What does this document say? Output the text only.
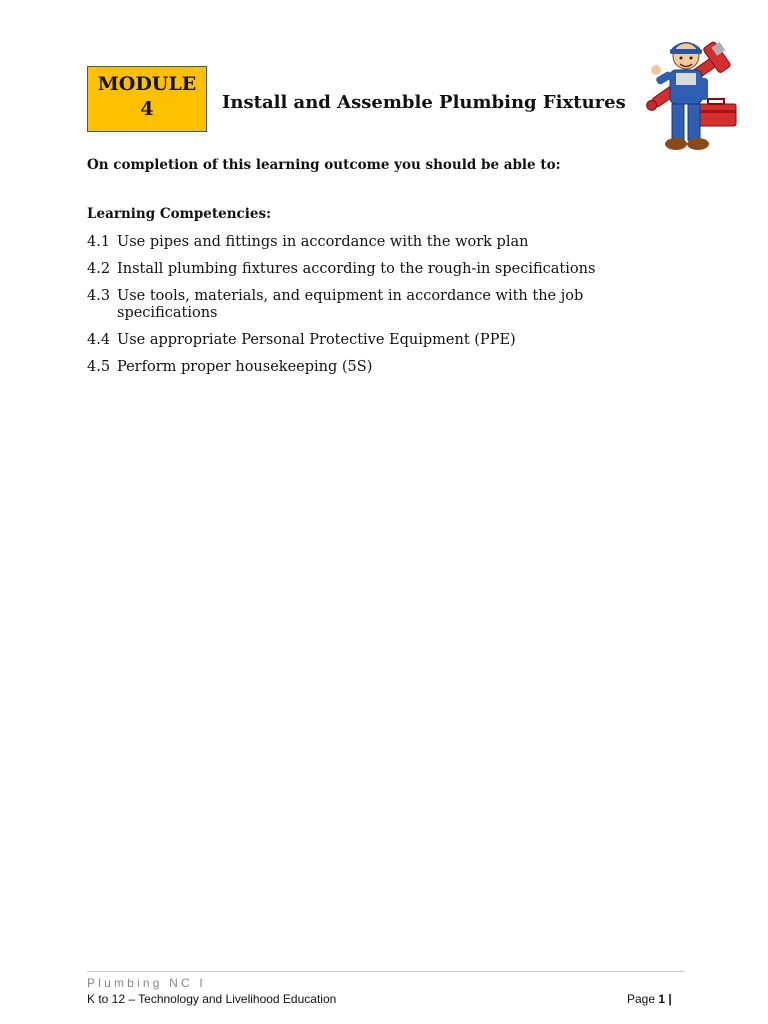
MODULE
4	Install and Assemble Plumbing Fixtures
On completion of this learning outcome you should be able to:
Learning Competencies:
4.1 Use pipes and fittings in accordance with the work plan
4.2 Install plumbing fixtures according to the rough-in specifications
4.3 Use tools, materials, and equipment in accordance with the job specifications
4.4 Use appropriate Personal Protective Equipment (PPE)
4.5 Perform proper housekeeping (5S)
Plumbing NC I
K to 12 – Technology and Livelihood Education	Page 1 |
